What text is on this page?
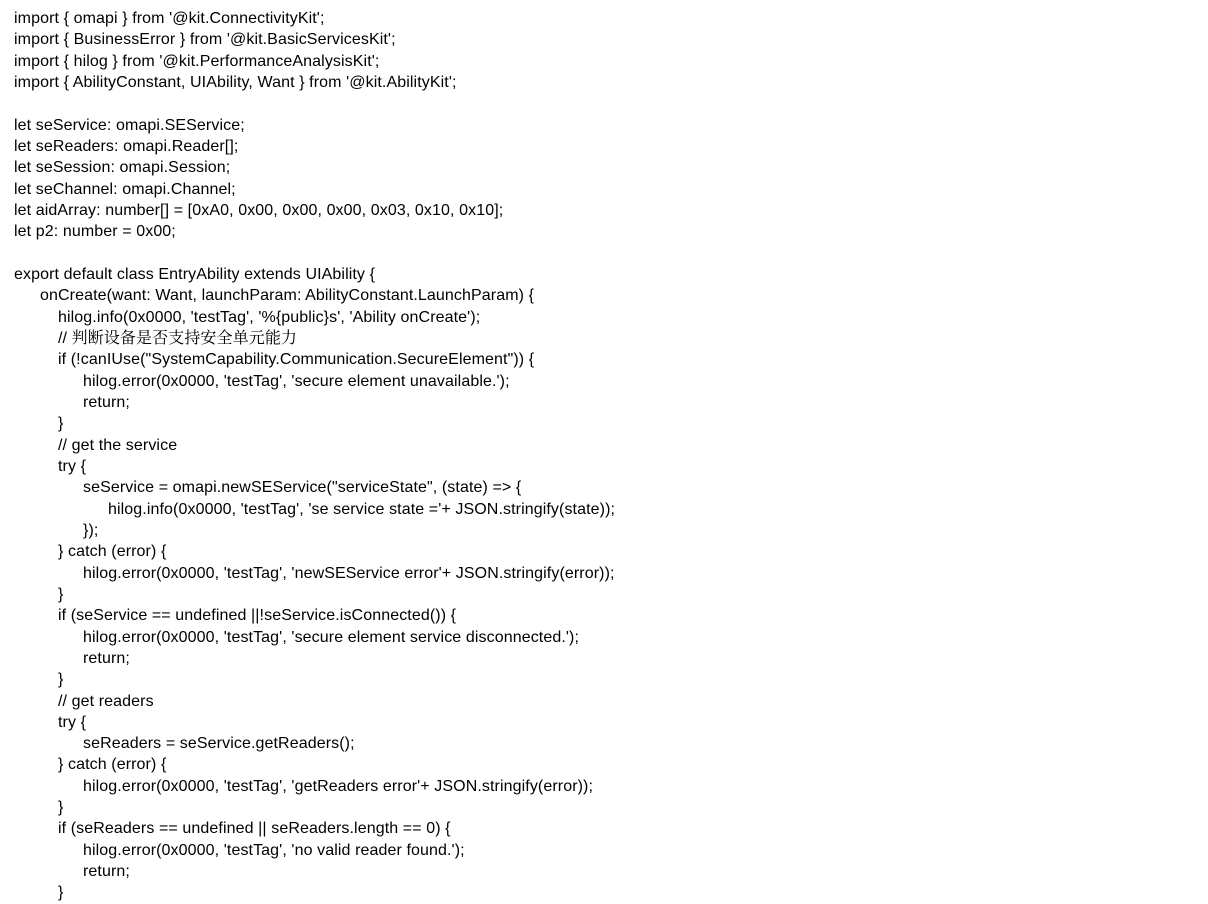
import { omapi } from '@kit.ConnectivityKit';
import { BusinessError } from '@kit.BasicServicesKit';
import { hilog } from '@kit.PerformanceAnalysisKit';
import { AbilityConstant, UIAbility, Want } from '@kit.AbilityKit';
let seService: omapi.SEService;
let seReaders: omapi.Reader[];
let seSession: omapi.Session;
let seChannel: omapi.Channel;
let aidArray: number[] = [0xA0, 0x00, 0x00, 0x00, 0x03, 0x10, 0x10];
let p2: number = 0x00;
export default class EntryAbility extends UIAbility {
onCreate(want: Want, launchParam: AbilityConstant.LaunchParam) {
hilog.info(0x0000, 'testTag', '%{public}s', 'Ability onCreate');
// 判断设备是否支持安全单元能力
if (!canIUse("SystemCapability.Communication.SecureElement")) {
hilog.error(0x0000, 'testTag', 'secure element unavailable.');
return;
}
// get the service
try {
seService = omapi.newSEService("serviceState", (state) => {
hilog.info(0x0000, 'testTag', 'se service state ='+ JSON.stringify(state));
});
} catch (error) {
hilog.error(0x0000, 'testTag', 'newSEService error'+ JSON.stringify(error));
}
if (seService == undefined ||!seService.isConnected()) {
hilog.error(0x0000, 'testTag', 'secure element service disconnected.');
return;
}
// get readers
try {
seReaders = seService.getReaders();
} catch (error) {
hilog.error(0x0000, 'testTag', 'getReaders error'+ JSON.stringify(error));
}
if (seReaders == undefined || seReaders.length == 0) {
hilog.error(0x0000, 'testTag', 'no valid reader found.');
return;
}
